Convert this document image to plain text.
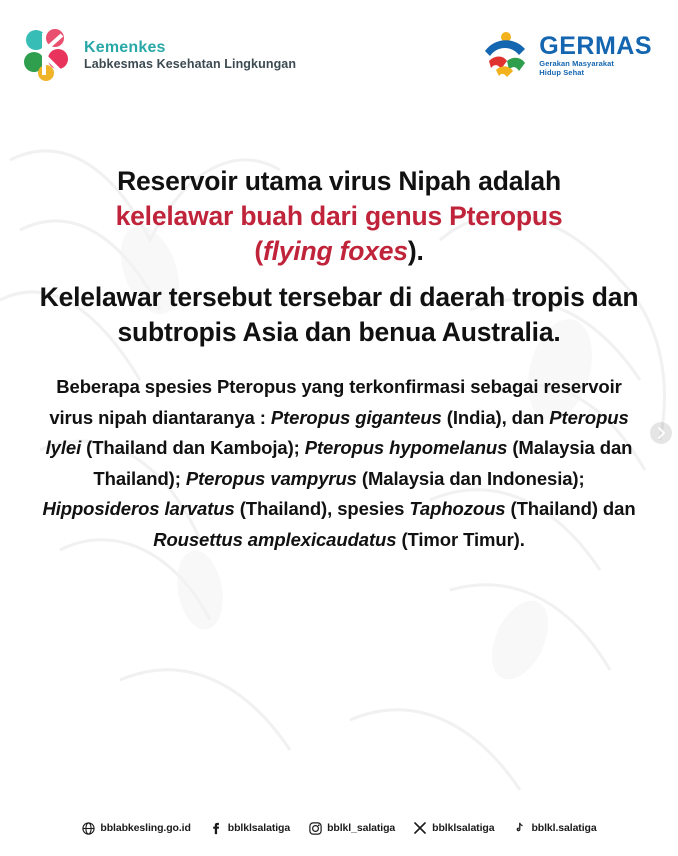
Kemenkes
Labkesmas Kesehatan Lingkungan
GERMAS
Gerakan Masyarakat
Hidup Sehat
Reservoir utama virus Nipah adalah
kelelawar buah dari genus Pteropus
(flying foxes).
Kelelawar tersebut tersebar di daerah tropis dan subtropis Asia dan benua Australia.
Beberapa spesies Pteropus yang terkonfirmasi sebagai reservoir virus nipah diantaranya : Pteropus giganteus (India), dan Pteropus lylei (Thailand dan Kamboja); Pteropus hypomelanus (Malaysia dan Thailand); Pteropus vampyrus (Malaysia dan Indonesia); Hipposideros larvatus (Thailand), spesies Taphozous (Thailand) dan Rousettus amplexicaudatus (Timor Timur).
bblabkesling.go.id	bblklsalatiga	bblkl_salatiga	bblklsalatiga	bblkl.salatiga
